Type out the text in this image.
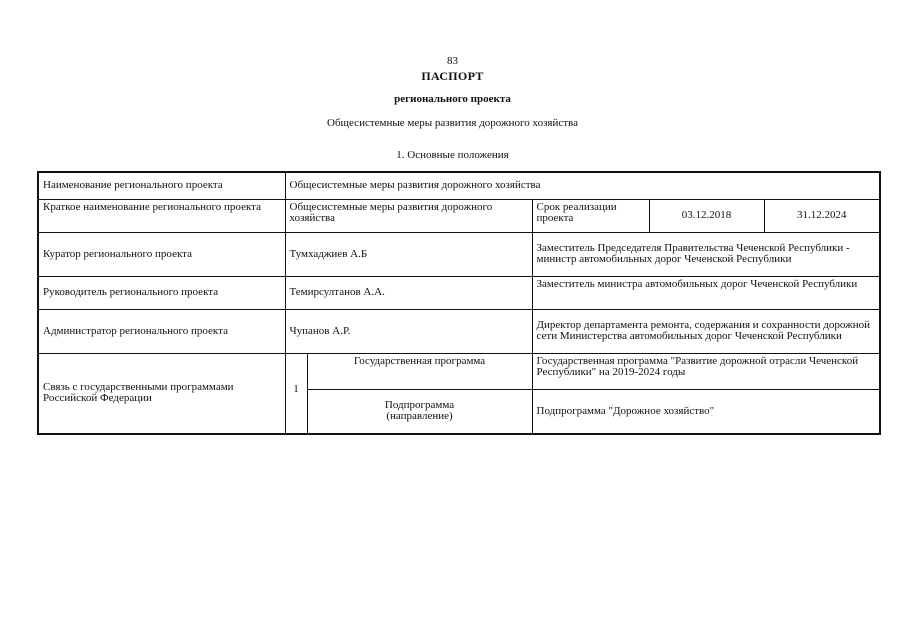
83
ПАСПОРТ
регионального проекта
Общесистемные меры развития дорожного хозяйства
1. Основные положения
Наименование регионального проекта	Общесистемные меры развития дорожного хозяйства				
Краткое наименование регионального проекта	Общесистемные меры развития дорожного хозяйства		Срок реализации проекта	03.12.2018	31.12.2024
Куратор регионального проекта	Тумхаджиев А.Б		Заместитель Председателя Правительства Чеченской Республики - министр автомобильных дорог Чеченской Республики		
Руководитель регионального проекта	Темирсултанов А.А.		Заместитель министра автомобильных дорог Чеченской Республики		
Администратор регионального проекта	Чупанов А.Р.		Директор департамента ремонта, содержания и сохранности дорожной сети Министерства автомобильных дорог Чеченской Республики		
Связь с государственными программами Российской Федерации	1	Государственная программа	Государственная программа "Развитие дорожной отрасли Чеченской Республики" на 2019-2024 годы		
		Подпрограмма (направление)	Подпрограмма "Дорожное хозяйство"		
